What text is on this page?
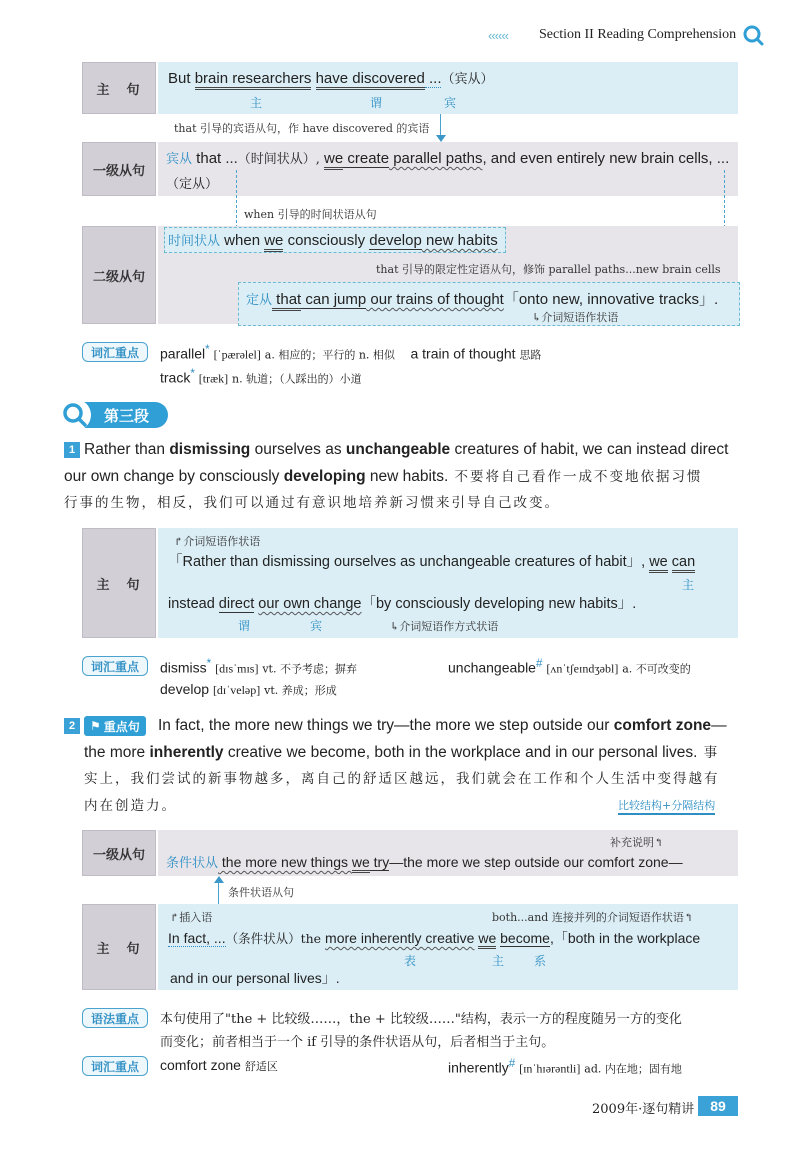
‹‹‹‹‹‹ Section II Reading Comprehension
主　句
But brain researchers have discovered ...（宾从）
主	谓	宾
that 引导的宾语从句，作 have discovered 的宾语
一级从句
宾从 that ...（时间状从）, we create parallel paths, and even entirely new brain cells, ...
（定从）
when 引导的时间状语从句
二级从句
时间状从 when we consciously develop new habits
that 引导的限定性定语从句，修饰 parallel paths...new brain cells
定从 that can jump our trains of thought「onto new, innovative tracks」.
↳介词短语作状语
词汇重点	parallel* [ˈpærəlel] a. 相应的；平行的 n. 相似 a train of thought 思路
track* [træk] n. 轨道；（人踩出的）小道
第三段
1 Rather than dismissing ourselves as unchangeable creatures of habit, we can instead direct
our own change by consciously developing new habits. 不要将自己看作一成不变地依据习惯
行事的生物，相反，我们可以通过有意识地培养新习惯来引导自己改变。
主　句
↱介词短语作状语
「Rather than dismissing ourselves as unchangeable creatures of habit」, we can
主
instead direct our own change「by consciously developing new habits」.
谓	宾	↳介词短语作方式状语
词汇重点	dismiss* [dɪsˈmɪs] vt. 不予考虑；摒弃	unchangeable# [ʌnˈtʃeɪndʒəbl] a. 不可改变的
develop [dɪˈveləp] vt. 养成；形成
2	⚑ 重点句 In fact, the more new things we try—the more we step outside our comfort zone—
the more inherently creative we become, both in the workplace and in our personal lives. 事
实上，我们尝试的新事物越多，离自己的舒适区越远，我们就会在工作和个人生活中变得越有
内在创造力。	比较结构+分隔结构
一级从句
补充说明↰
条件状从 the more new things we try—the more we step outside our comfort zone—
条件状语从句
主　句
↱插入语	both...and 连接并列的介词短语作状语↰
In fact, ...（条件状从）the more inherently creative we become,「both in the workplace
表	主 系
and in our personal lives」.
语法重点	本句使用了"the + 比较级……，the + 比较级……"结构，表示一方的程度随另一方的变化
而变化；前者相当于一个 if 引导的条件状语从句，后者相当于主句。
词汇重点	comfort zone 舒适区	inherently# [ɪnˈhɪərəntli] ad. 内在地；固有地
2009年·逐句精讲	89
